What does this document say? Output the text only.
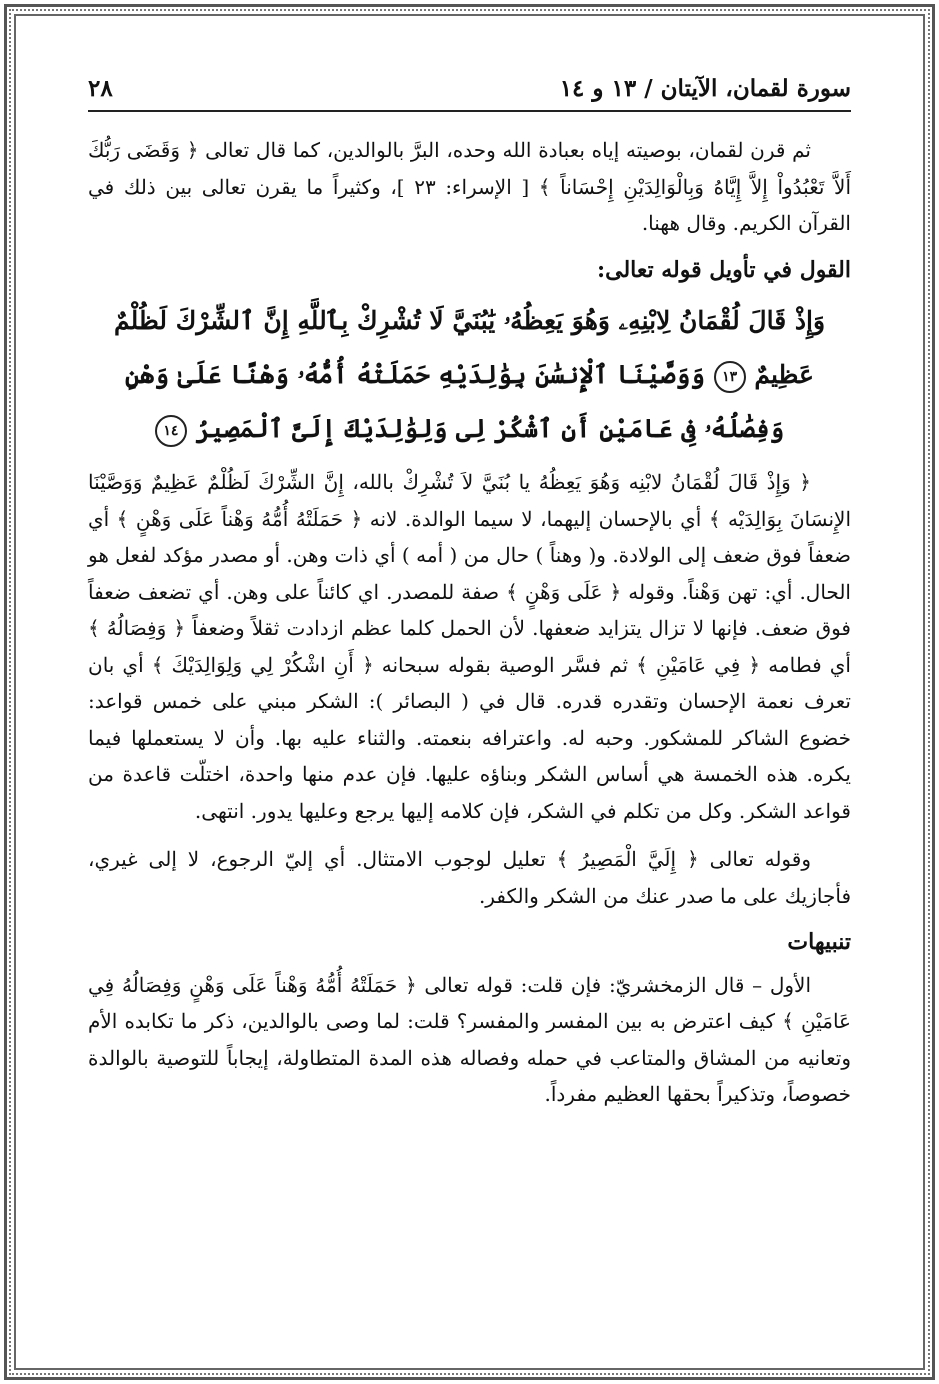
سورة لقمان، الآيتان / ١٣ و ١٤
٢٨

ثم قرن لقمان، بوصيته إياه بعبادة الله وحده، البرَّ بالوالدين، كما قال تعالى ﴿ وَقَضَى رَبُّكَ أَلاَّ تَعْبُدُواْ إِلاَّ إِيَّاهُ وَبِالْوَالِدَيْنِ إِحْسَاناً ﴾ [ الإسراء: ٢٣ ]، وكثيراً ما يقرن تعالى بين ذلك في القرآن الكريم. وقال ههنا.

القول في تأويل قوله تعالى:

وَإِذْ قَالَ لُقْمَانُ لِابْنِهِۦ وَهُوَ يَعِظُهُۥ يَٰبُنَيَّ لَا تُشْرِكْ بِٱللَّهِ إِنَّ ٱلشِّرْكَ لَظُلْمٌ عَظِيمٌ ١٣ وَوَصَّيْنَا ٱلْإِنسَٰنَ بِوَٰلِدَيْهِ حَمَلَتْهُ أُمُّهُۥ وَهْنًا عَلَىٰ وَهْنٍ وَفِصَٰلُهُۥ فِى عَامَيْنِ أَنِ ٱشْكُرْ لِى وَلِوَٰلِدَيْكَ إِلَىَّ ٱلْمَصِيرُ ١٤

﴿ وَإِذْ قَالَ لُقْمَانُ لابْنِه وَهُوَ يَعِظُهُ يا بُنَيَّ لاَ تُشْرِكْ بالله، إِنَّ الشِّرْكَ لَظُلْمٌ عَظِيمٌ وَوَصَّيْنَا الإِنسَانَ بِوَالِدَيْه ﴾ أي بالإحسان إليهما، لا سيما الوالدة. لانه ﴿ حَمَلَتْهُ أُمُّهُ وَهْناً عَلَى وَهْنٍ ﴾ أي ضعفاً فوق ضعف إلى الولادة. و( وهناً ) حال من ( أمه ) أي ذات وهن. أو مصدر مؤكد لفعل هو الحال. أي: تهن وَهْناً. وقوله ﴿ عَلَى وَهْنٍ ﴾ صفة للمصدر. اي كائناً على وهن. أي تضعف ضعفاً فوق ضعف. فإنها لا تزال يتزايد ضعفها. لأن الحمل كلما عظم ازدادت ثقلاً وضعفاً ﴿ وَفِصَالُهُ ﴾ أي فطامه ﴿ فِي عَامَيْنِ ﴾ ثم فسَّر الوصية بقوله سبحانه ﴿ أَنِ اشْكُرْ لِي وَلِوَالِدَيْكَ ﴾ أي بان تعرف نعمة الإحسان وتقدره قدره. قال في ( البصائر ): الشكر مبني على خمس قواعد: خضوع الشاكر للمشكور. وحبه له. واعترافه بنعمته. والثناء عليه بها. وأن لا يستعملها فيما يكره. هذه الخمسة هي أساس الشكر وبناؤه عليها. فإن عدم منها واحدة، اختلّت قاعدة من قواعد الشكر. وكل من تكلم في الشكر، فإن كلامه إليها يرجع وعليها يدور. انتهى.

وقوله تعالى ﴿ إِلَيَّ الْمَصِيرُ ﴾ تعليل لوجوب الامتثال. أي إليّ الرجوع، لا إلى غيري، فأجازيك على ما صدر عنك من الشكر والكفر.

تنبيهات

الأول – قال الزمخشريّ: فإن قلت: قوله تعالى ﴿ حَمَلَتْهُ أُمُّهُ وَهْناً عَلَى وَهْنٍ وَفِصَالُهُ فِي عَامَيْنِ ﴾ كيف اعترض به بين المفسر والمفسر؟ قلت: لما وصى بالوالدين، ذكر ما تكابده الأم وتعانيه من المشاق والمتاعب في حمله وفصاله هذه المدة المتطاولة، إيجاباً للتوصية بالوالدة خصوصاً، وتذكيراً بحقها العظيم مفرداً.
